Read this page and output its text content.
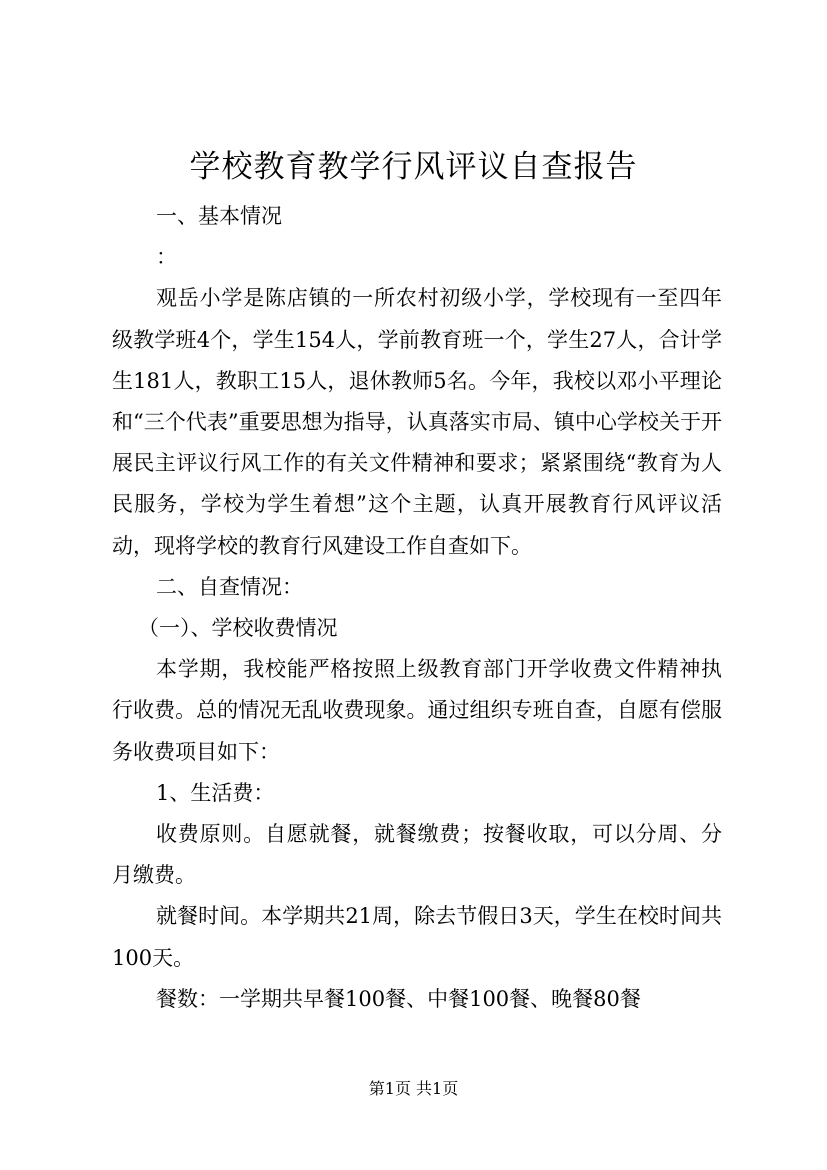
学校教育教学行风评议自查报告

一、基本情况

：

观岳小学是陈店镇的一所农村初级小学，学校现有一至四年级教学班4个，学生154人，学前教育班一个，学生27人，合计学生181人，教职工15人，退休教师5名。今年，我校以邓小平理论和“三个代表”重要思想为指导，认真落实市局、镇中心学校关于开展民主评议行风工作的有关文件精神和要求；紧紧围绕“教育为人民服务，学校为学生着想”这个主题，认真开展教育行风评议活动，现将学校的教育行风建设工作自查如下。

二、自查情况：

（一）、学校收费情况

本学期，我校能严格按照上级教育部门开学收费文件精神执行收费。总的情况无乱收费现象。通过组织专班自查，自愿有偿服务收费项目如下：

1、生活费：

收费原则。自愿就餐，就餐缴费；按餐收取，可以分周、分月缴费。

就餐时间。本学期共21周，除去节假日3天，学生在校时间共100天。

餐数：一学期共早餐100餐、中餐100餐、晚餐80餐

第1页 共1页
